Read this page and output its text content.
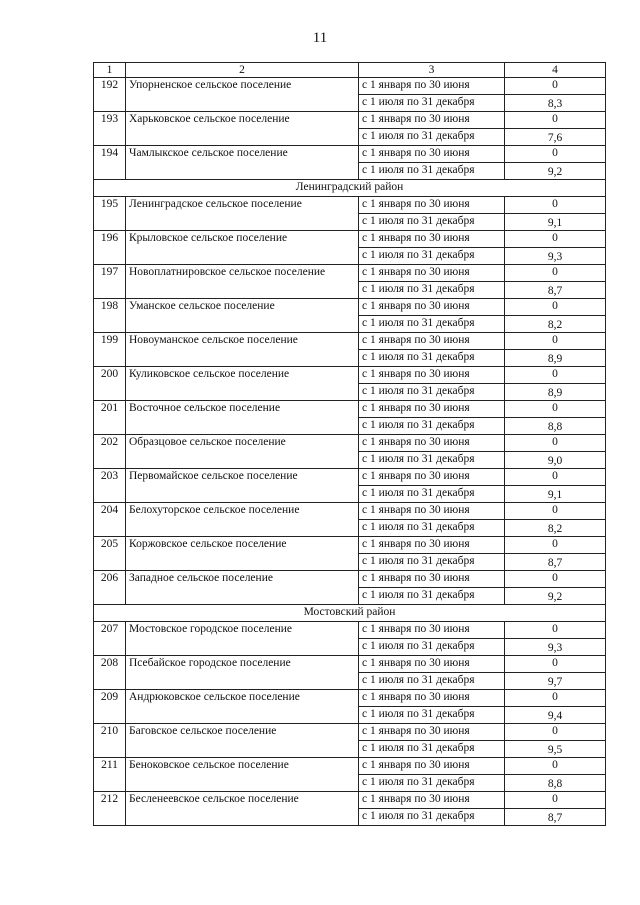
11
1	2	3	4
192	Упорненское сельское поселение	с 1 января по 30 июня	0
		с 1 июля по 31 декабря	8,3
193	Харьковское сельское поселение	с 1 января по 30 июня	0
		с 1 июля по 31 декабря	7,6
194	Чамлыкское сельское поселение	с 1 января по 30 июня	0
		с 1 июля по 31 декабря	9,2
Ленинградский район			
195	Ленинградское сельское поселение	с 1 января по 30 июня	0
		с 1 июля по 31 декабря	9,1
196	Крыловское сельское поселение	с 1 января по 30 июня	0
		с 1 июля по 31 декабря	9,3
197	Новоплатнировское сельское поселение	с 1 января по 30 июня	0
		с 1 июля по 31 декабря	8,7
198	Уманское сельское поселение	с 1 января по 30 июня	0
		с 1 июля по 31 декабря	8,2
199	Новоуманское сельское поселение	с 1 января по 30 июня	0
		с 1 июля по 31 декабря	8,9
200	Куликовское сельское поселение	с 1 января по 30 июня	0
		с 1 июля по 31 декабря	8,9
201	Восточное сельское поселение	с 1 января по 30 июня	0
		с 1 июля по 31 декабря	8,8
202	Образцовое сельское поселение	с 1 января по 30 июня	0
		с 1 июля по 31 декабря	9,0
203	Первомайское сельское поселение	с 1 января по 30 июня	0
		с 1 июля по 31 декабря	9,1
204	Белохуторское сельское поселение	с 1 января по 30 июня	0
		с 1 июля по 31 декабря	8,2
205	Коржовское сельское поселение	с 1 января по 30 июня	0
		с 1 июля по 31 декабря	8,7
206	Западное сельское поселение	с 1 января по 30 июня	0
		с 1 июля по 31 декабря	9,2
Мостовский район			
207	Мостовское городское поселение	с 1 января по 30 июня	0
		с 1 июля по 31 декабря	9,3
208	Псебайское городское поселение	с 1 января по 30 июня	0
		с 1 июля по 31 декабря	9,7
209	Андрюковское сельское поселение	с 1 января по 30 июня	0
		с 1 июля по 31 декабря	9,4
210	Баговское сельское поселение	с 1 января по 30 июня	0
		с 1 июля по 31 декабря	9,5
211	Беноковское сельское поселение	с 1 января по 30 июня	0
		с 1 июля по 31 декабря	8,8
212	Бесленеевское сельское поселение	с 1 января по 30 июня	0
		с 1 июля по 31 декабря	8,7
